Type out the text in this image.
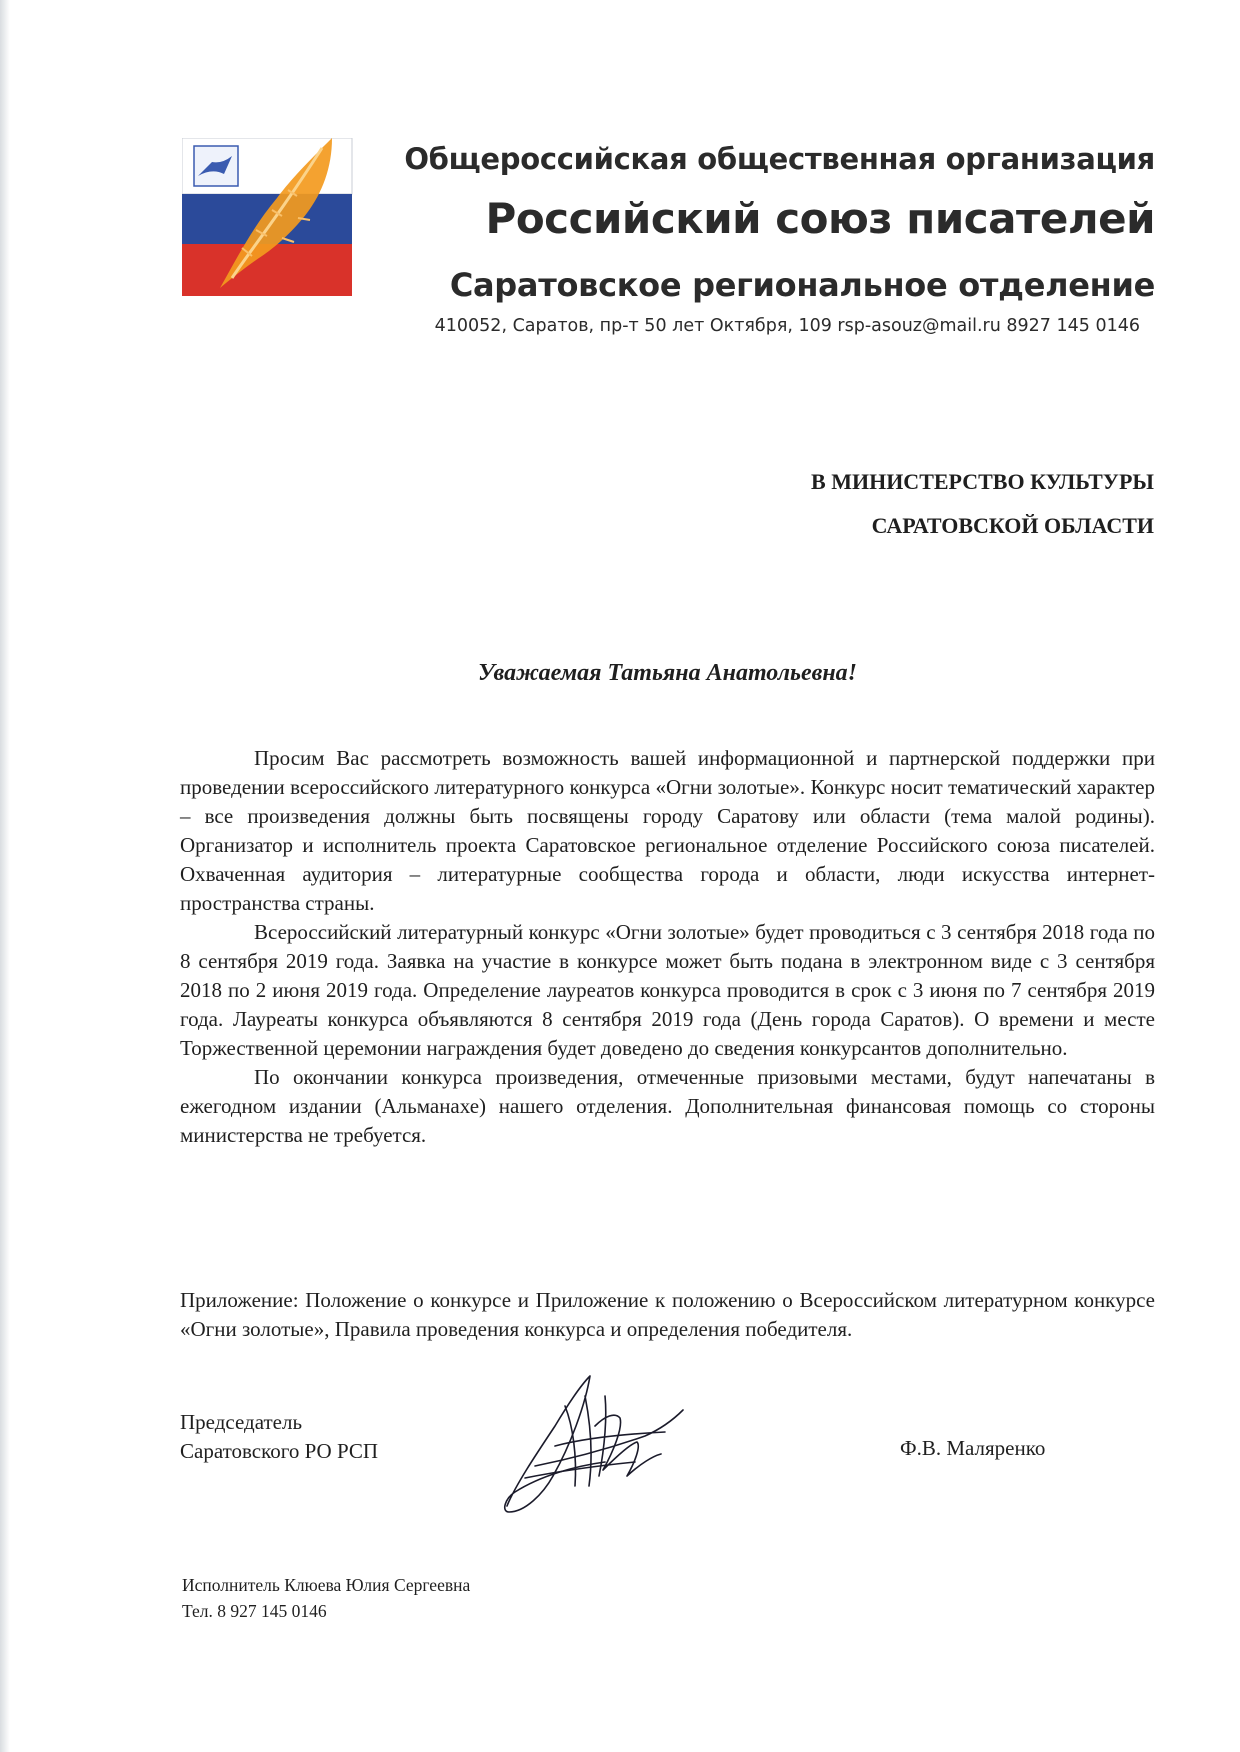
Общероссийская общественная организация
Российский союз писателей
Саратовское региональное отделение
410052, Саратов, пр-т 50 лет Октября, 109 rsp-asouz@mail.ru 8927 145 0146
В МИНИСТЕРСТВО КУЛЬТУРЫ
САРАТОВСКОЙ ОБЛАСТИ
Уважаемая Татьяна Анатольевна!

Просим Вас рассмотреть возможность вашей информационной и партнерской поддержки при проведении всероссийского литературного конкурса «Огни золотые». Конкурс носит тематический характер – все произведения должны быть посвящены городу Саратову или области (тема малой родины). Организатор и исполнитель проекта Саратовское региональное отделение Российского союза писателей. Охваченная аудитория – литературные сообщества города и области, люди искусства интернет-пространства страны.

Всероссийский литературный конкурс «Огни золотые» будет проводиться с 3 сентября 2018 года по 8 сентября 2019 года. Заявка на участие в конкурсе может быть подана в электронном виде с 3 сентября 2018 по 2 июня 2019 года. Определение лауреатов конкурса проводится в срок с 3 июня по 7 сентября 2019 года. Лауреаты конкурса объявляются 8 сентября 2019 года (День города Саратов). О времени и месте Торжественной церемонии награждения будет доведено до сведения конкурсантов дополнительно.

По окончании конкурса произведения, отмеченные призовыми местами, будут напечатаны в ежегодном издании (Альманахе) нашего отделения. Дополнительная финансовая помощь со стороны министерства не требуется.

Приложение: Положение о конкурсе и Приложение к положению о Всероссийском литературном конкурсе «Огни золотые», Правила проведения конкурса и определения победителя.
Председатель
Саратовского РО РСП	Ф.В. Маляренко
Исполнитель Клюева Юлия Сергеевна
Тел. 8 927 145 0146
